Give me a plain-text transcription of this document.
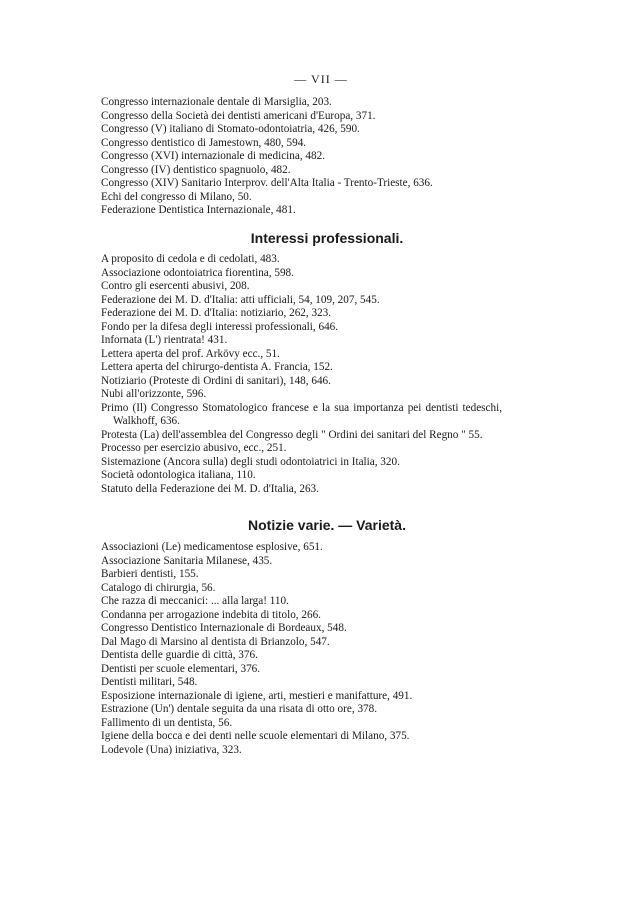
— VII —
Congresso internazionale dentale di Marsiglia, 203.
Congresso della Società dei dentisti americani d'Europa, 371.
Congresso (V) italiano di Stomato-odontoiatria, 426, 590.
Congresso dentistico di Jamestown, 480, 594.
Congresso (XVI) internazionale di medicina, 482.
Congresso (IV) dentistico spagnuolo, 482.
Congresso (XIV) Sanitario Interprov. dell'Alta Italia - Trento-Trieste, 636.
Echi del congresso di Milano, 50.
Federazione Dentistica Internazionale, 481.
Interessi professionali.
A proposito di cedola e di cedolati, 483.
Associazione odontoiatrica fiorentina, 598.
Contro gli esercenti abusivi, 208.
Federazione dei M. D. d'Italia: atti ufficiali, 54, 109, 207, 545.
Federazione dei M. D. d'Italia: notiziario, 262, 323.
Fondo per la difesa degli interessi professionali, 646.
Infornata (L') rientrata! 431.
Lettera aperta del prof. Arkövy ecc., 51.
Lettera aperta del chirurgo-dentista A. Francia, 152.
Notiziario (Proteste di Ordini di sanitari), 148, 646.
Nubi all'orizzonte, 596.
Primo (Il) Congresso Stomatologico francese e la sua importanza pei dentisti tedeschi, Walkhoff, 636.
Protesta (La) dell'assemblea del Congresso degli " Ordini dei sanitari del Regno " 55.
Processo per esercizio abusivo, ecc., 251.
Sistemazione (Ancora sulla) degli studi odontoiatrici in Italia, 320.
Società odontologica italiana, 110.
Statuto della Federazione dei M. D. d'Italia, 263.
Notizie varie. — Varietà.
Associazioni (Le) medicamentose esplosive, 651.
Associazione Sanitaria Milanese, 435.
Barbieri dentisti, 155.
Catalogo di chirurgia, 56.
Che razza di meccanici: ... alla larga! 110.
Condanna per arrogazione indebita di titolo, 266.
Congresso Dentistico Internazionale di Bordeaux, 548.
Dal Mago di Marsino al dentista di Brianzolo, 547.
Dentista delle guardie di città, 376.
Dentisti per scuole elementari, 376.
Dentisti militari, 548.
Esposizione internazionale di igiene, arti, mestieri e manifatture, 491.
Estrazione (Un') dentale seguita da una risata di otto ore, 378.
Fallimento di un dentista, 56.
Igiene della bocca e dei denti nelle scuole elementari di Milano, 375.
Lodevole (Una) iniziativa, 323.
